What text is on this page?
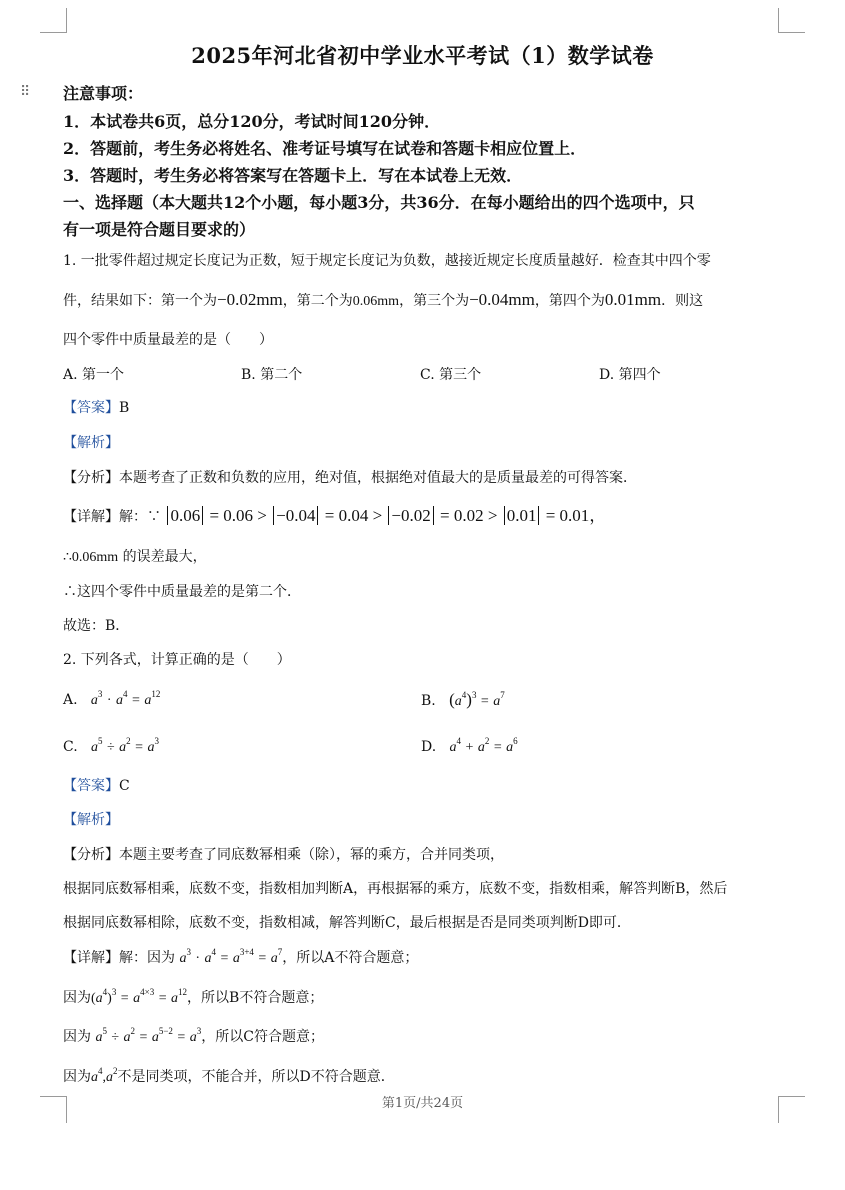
⠿
2025年河北省初中学业水平考试（1）数学试卷
注意事项：
1．本试卷共6页，总分120分，考试时间120分钟．
2．答题前，考生务必将姓名、准考证号填写在试卷和答题卡相应位置上．
3．答题时，考生务必将答案写在答题卡上．写在本试卷上无效．
一、选择题（本大题共12个小题，每小题3分，共36分．在每小题给出的四个选项中，只
有一项是符合题目要求的）
1. 一批零件超过规定长度记为正数，短于规定长度记为负数，越接近规定长度质量越好．检查其中四个零
件，结果如下：第一个为−0.02mm，第二个为0.06mm，第三个为−0.04mm，第四个为0.01mm．则这
四个零件中质量最差的是（　　）
A. 第一个	B. 第二个	C. 第三个	D. 第四个
【答案】B
【解析】
【分析】本题考查了正数和负数的应用，绝对值，根据绝对值最大的是质量最差的可得答案．
【详解】解：∵ 0.06 = 0.06 > −0.04 = 0.04 > −0.02 = 0.02 > 0.01 = 0.01，
∴0.06mm 的误差最大，
∴这四个零件中质量最差的是第二个．
故选：B．
2. 下列各式，计算正确的是（　　）
A. $a^3 \cdot a^4 = a^{12}$	B. $(a^4)^3 = a^7$
C. $a^5 \div a^2 = a^3$	D. $a^4 + a^2 = a^6$
【答案】C
【解析】
【分析】本题主要考查了同底数幂相乘（除），幂的乘方，合并同类项，
根据同底数幂相乘，底数不变，指数相加判断A，再根据幂的乘方，底数不变，指数相乘，解答判断B，然后
根据同底数幂相除，底数不变，指数相减，解答判断C，最后根据是否是同类项判断D即可．
【详解】解：因为 $a^3 \cdot a^4 = a^{3+4} = a^7$，所以A不符合题意；
因为$(a^4)^3 = a^{4\times 3} = a^{12}$，所以B不符合题意；
因为 $a^5 \div a^2 = a^{5-2} = a^3$，所以C符合题意；
因为$a^4,a^2$不是同类项，不能合并，所以D不符合题意．
第1页/共24页
